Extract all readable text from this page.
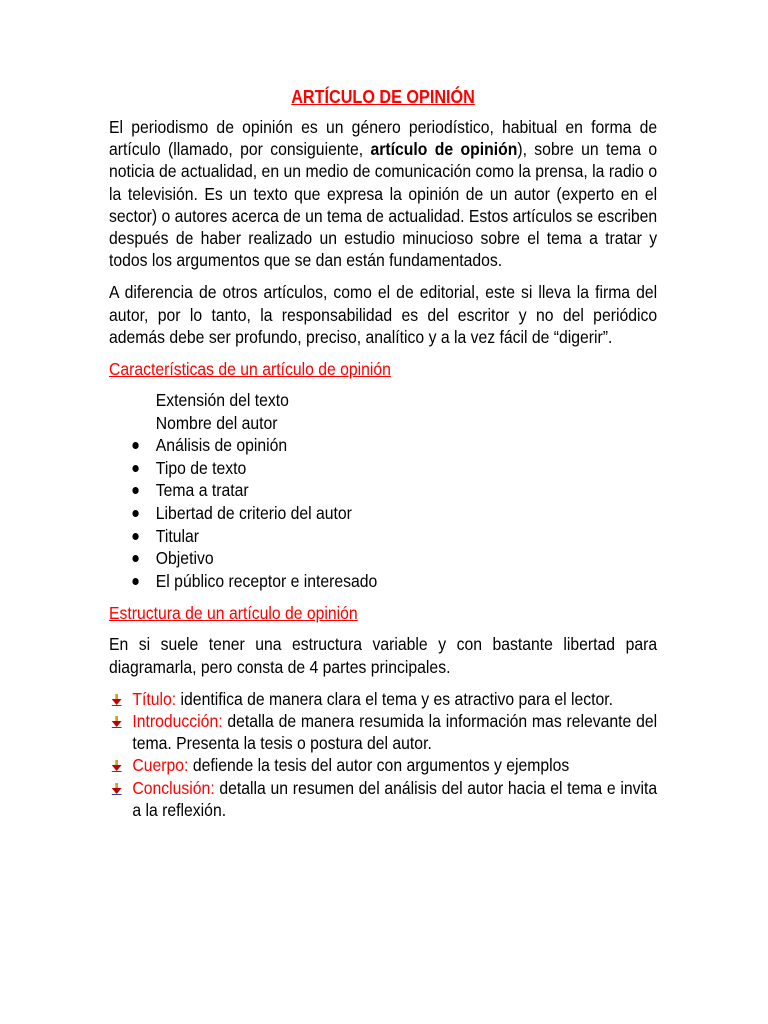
ARTÍCULO DE OPINIÓN

El periodismo de opinión es un género periodístico, habitual en forma de artículo (llamado, por consiguiente, artículo de opinión), sobre un tema o noticia de actualidad, en un medio de comunicación como la prensa, la radio o la televisión. Es un texto que expresa la opinión de un autor (experto en el sector) o autores acerca de un tema de actualidad. Estos artículos se escriben después de haber realizado un estudio minucioso sobre el tema a tratar y todos los argumentos que se dan están fundamentados.

A diferencia de otros artículos, como el de editorial, este si lleva la firma del autor, por lo tanto, la responsabilidad es del escritor y no del periódico además debe ser profundo, preciso, analítico y a la vez fácil de “digerir”.

Características de un artículo de opinión
Extensión del texto
Nombre del autor
Análisis de opinión
Tipo de texto
Tema a tratar
Libertad de criterio del autor
Titular
Objetivo
El público receptor e interesado
Estructura de un artículo de opinión

En si suele tener una estructura variable y con bastante libertad para diagramarla, pero consta de 4 partes principales.

Título: identifica de manera clara el tema y es atractivo para el lector.
Introducción: detalla de manera resumida la información mas relevante del tema. Presenta la tesis o postura del autor.
Cuerpo: defiende la tesis del autor con argumentos y ejemplos
Conclusión: detalla un resumen del análisis del autor hacia el tema e invita a la reflexión.
